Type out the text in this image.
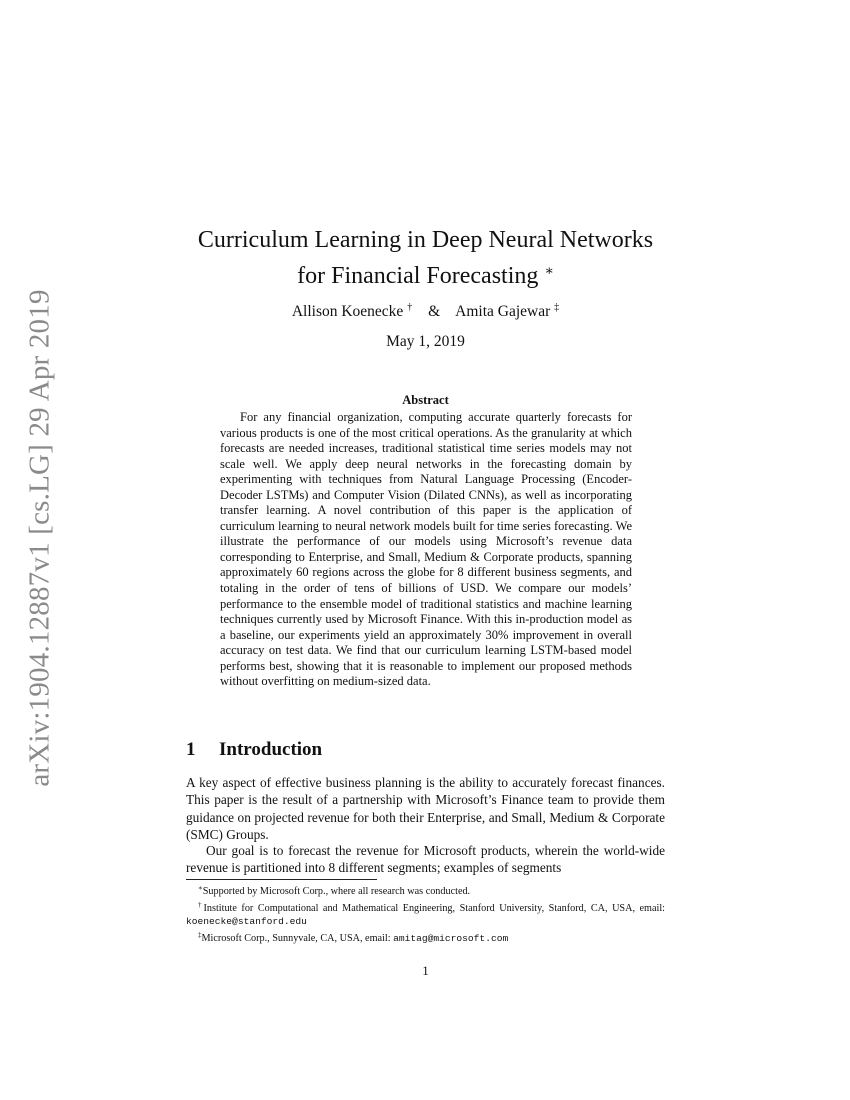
arXiv:1904.12887v1 [cs.LG] 29 Apr 2019
Curriculum Learning in Deep Neural Networks
for Financial Forecasting ∗
Allison Koenecke † & Amita Gajewar ‡
May 1, 2019
Abstract

For any financial organization, computing accurate quarterly forecasts for various products is one of the most critical operations. As the granularity at which forecasts are needed increases, traditional statistical time series models may not scale well. We apply deep neural networks in the forecasting domain by experimenting with techniques from Natural Language Processing (Encoder-Decoder LSTMs) and Computer Vision (Dilated CNNs), as well as incorporating transfer learning. A novel contribution of this paper is the application of curriculum learning to neural network models built for time series forecasting. We illustrate the performance of our models using Microsoft’s revenue data corresponding to Enterprise, and Small, Medium & Corporate products, spanning approximately 60 regions across the globe for 8 different business segments, and totaling in the order of tens of billions of USD. We compare our models’ performance to the ensemble model of traditional statistics and machine learning techniques currently used by Microsoft Finance. With this in-production model as a baseline, our experiments yield an approximately 30% improvement in overall accuracy on test data. We find that our curriculum learning LSTM-based model performs best, showing that it is reasonable to implement our proposed methods without overfitting on medium-sized data.

1 Introduction

A key aspect of effective business planning is the ability to accurately forecast finances. This paper is the result of a partnership with Microsoft’s Finance team to provide them guidance on projected revenue for both their Enterprise, and Small, Medium & Corporate (SMC) Groups.

Our goal is to forecast the revenue for Microsoft products, wherein the world-wide revenue is partitioned into 8 different segments; examples of segments

∗Supported by Microsoft Corp., where all research was conducted.

†Institute for Computational and Mathematical Engineering, Stanford University, Stanford, CA, USA, email: koenecke@stanford.edu

‡Microsoft Corp., Sunnyvale, CA, USA, email: amitag@microsoft.com

1
